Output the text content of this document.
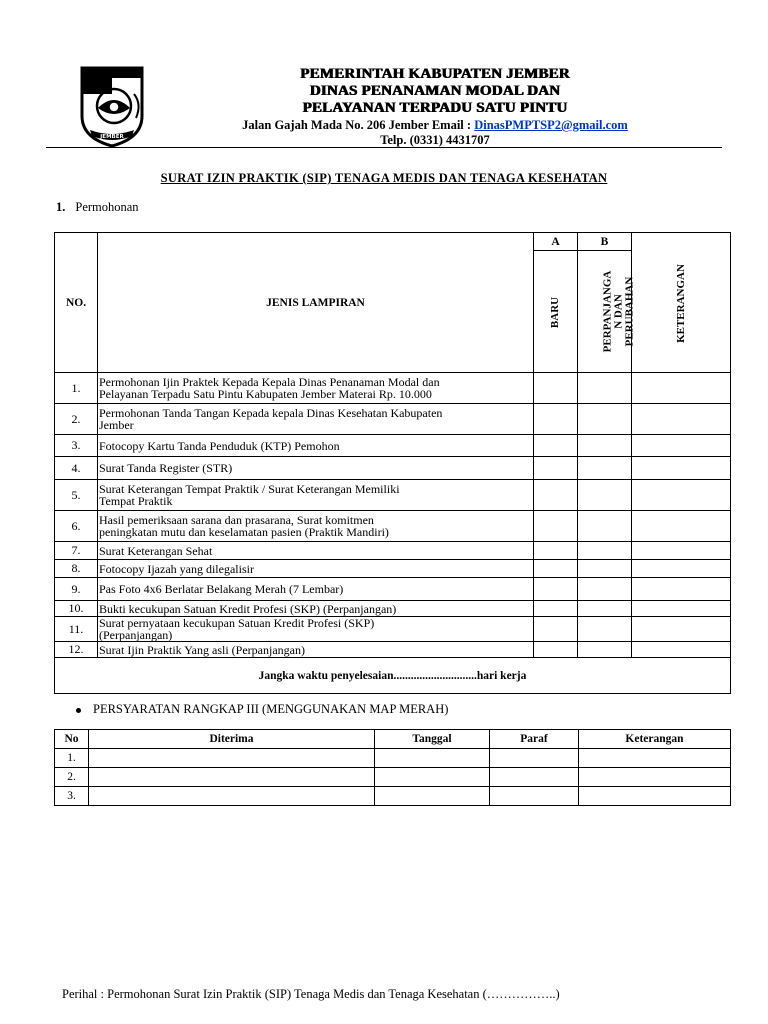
JEMBER
PEMERINTAH KABUPATEN JEMBER
DINAS PENANAMAN MODAL DAN
PELAYANAN TERPADU SATU PINTU
Jalan Gajah Mada No. 206 Jember Email : DinasPMPTSP2@gmail.com
Telp. (0331) 4431707
SURAT IZIN PRAKTIK (SIP) TENAGA MEDIS DAN TENAGA KESEHATAN
1. Permohonan
NO.	JENIS LAMPIRAN	A	B	KETERANGAN
		BARU	PERPANJANGA
N DAN
PERUBAHAN	
1.	Permohonan Ijin Praktek Kepada Kepala Dinas Penanaman Modal dan
Pelayanan Terpadu Satu Pintu Kabupaten Jember Materai Rp. 10.000			
2.	Permohonan Tanda Tangan Kepada kepala Dinas Kesehatan Kabupaten
Jember			
3.	Fotocopy Kartu Tanda Penduduk (KTP) Pemohon			
4.	Surat Tanda Register (STR)			
5.	Surat Keterangan Tempat Praktik / Surat Keterangan Memiliki
Tempat Praktik			
6.	Hasil pemeriksaan sarana dan prasarana, Surat komitmen
peningkatan mutu dan keselamatan pasien (Praktik Mandiri)			
7.	Surat Keterangan Sehat			
8.	Fotocopy Ijazah yang dilegalisir			
9.	Pas Foto 4x6 Berlatar Belakang Merah (7 Lembar)			
10.	Bukti kecukupan Satuan Kredit Profesi (SKP) (Perpanjangan)			
11.	Surat pernyataan kecukupan Satuan Kredit Profesi (SKP)
(Perpanjangan)			
12.	Surat Ijin Praktik Yang asli (Perpanjangan)			
Jangka waktu penyelesaian.............................hari kerja				
PERSYARATAN RANGKAP III (MENGGUNAKAN MAP MERAH)
No	Diterima	Tanggal	Paraf	Keterangan
1.				
2.				
3.				
Perihal : Permohonan Surat Izin Praktik (SIP) Tenaga Medis dan Tenaga Kesehatan (……………..)
